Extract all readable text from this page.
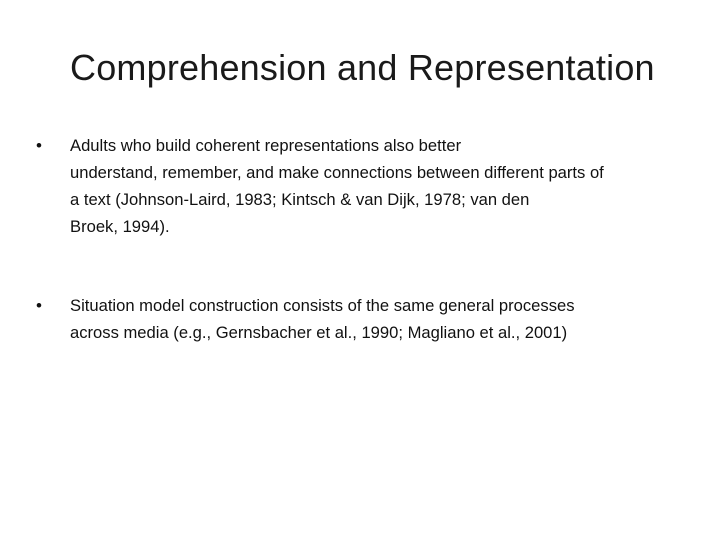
Comprehension and Representation
•	Adults who build coherent representations also better
understand, remember, and make connections between different parts of
a text (Johnson-Laird, 1983; Kintsch & van Dijk, 1978; van den
Broek, 1994).
•	Situation model construction consists of the same general processes
across media (e.g., Gernsbacher et al., 1990; Magliano et al., 2001)
